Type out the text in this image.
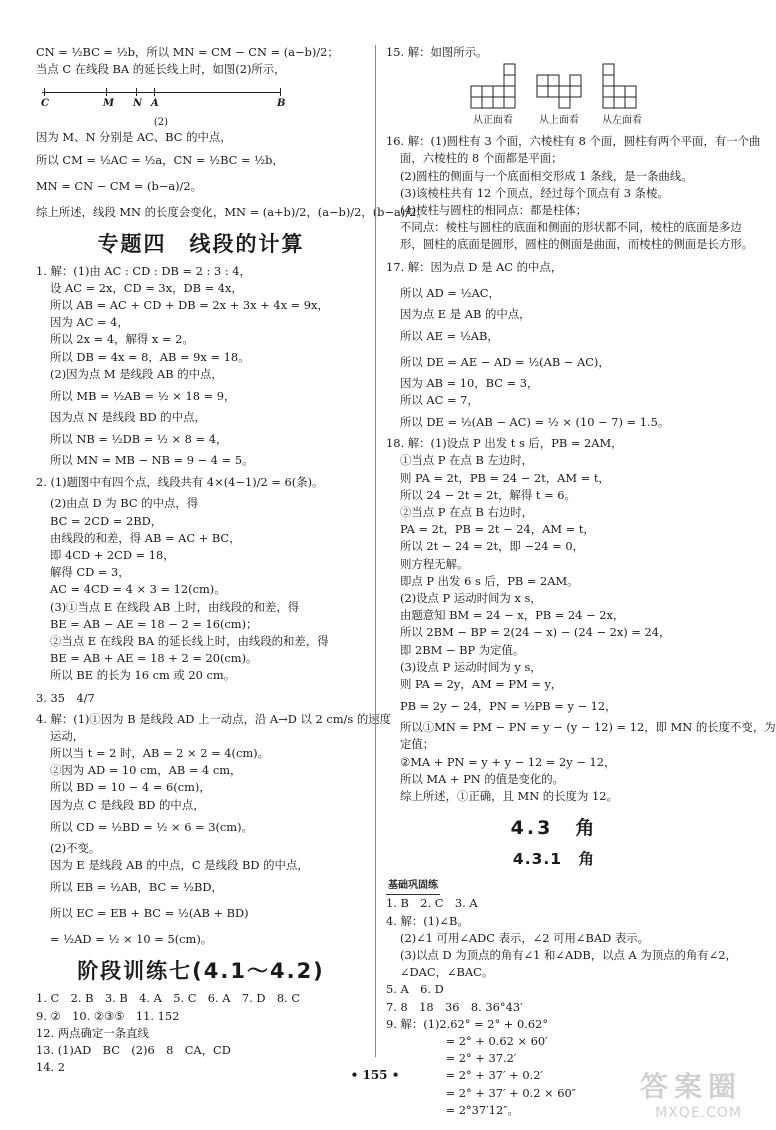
CN = ½BC = ½b，所以 MN = CM − CN = (a−b)/2；
当点 C 在线段 BA 的延长线上时，如图(2)所示，
C	M N A	B
(2)
因为 M、N 分别是 AC、BC 的中点，
所以 CM = ½AC = ½a，CN = ½BC = ½b，
MN = CN − CM = (b−a)/2。
综上所述，线段 MN 的长度会变化，MN = (a+b)/2，(a−b)/2，(b−a)/2。
专题四　线段的计算
1. 解：(1)由 AC : CD : DB = 2 : 3 : 4，
设 AC = 2x，CD = 3x，DB = 4x，
所以 AB = AC + CD + DB = 2x + 3x + 4x = 9x，
因为 AC = 4，
所以 2x = 4，解得 x = 2。
所以 DB = 4x = 8，AB = 9x = 18。
(2)因为点 M 是线段 AB 的中点，
所以 MB = ½AB = ½ × 18 = 9，
因为点 N 是线段 BD 的中点，
所以 NB = ½DB = ½ × 8 = 4，
所以 MN = MB − NB = 9 − 4 = 5。
2. (1)题图中有四个点，线段共有 4×(4−1)/2 = 6(条)。
(2)由点 D 为 BC 的中点，得
BC = 2CD = 2BD，
由线段的和差，得 AB = AC + BC，
即 4CD + 2CD = 18，
解得 CD = 3，
AC = 4CD = 4 × 3 = 12(cm)。
(3)①当点 E 在线段 AB 上时，由线段的和差，得
BE = AB − AE = 18 − 2 = 16(cm)；
②当点 E 在线段 BA 的延长线上时，由线段的和差，得
BE = AB + AE = 18 + 2 = 20(cm)。
所以 BE 的长为 16 cm 或 20 cm。
3. 35　4/7
4. 解：(1)①因为 B 是线段 AD 上一动点，沿 A→D 以 2 cm/s 的速度
运动，
所以当 t = 2 时，AB = 2 × 2 = 4(cm)。
②因为 AD = 10 cm，AB = 4 cm，
所以 BD = 10 − 4 = 6(cm)，
因为点 C 是线段 BD 的中点，
所以 CD = ½BD = ½ × 6 = 3(cm)。
(2)不变。
因为 E 是线段 AB 的中点，C 是线段 BD 的中点，
所以 EB = ½AB，BC = ½BD，
所以 EC = EB + BC = ½(AB + BD)
= ½AD = ½ × 10 = 5(cm)。
阶段训练七(4.1～4.2)
1. C　2. B　3. B　4. A　5. C　6. A　7. D　8. C
9. ②　10. ②③⑤　11. 152
12. 两点确定一条直线
13. (1)AD　BC　(2)6　8　CA，CD
14. 2
15. 解：如图所示。
从正面看	从上面看	从左面看
16. 解：(1)圆柱有 3 个面，六棱柱有 8 个面，圆柱有两个平面，有一个曲
面，六棱柱的 8 个面都是平面；
(2)圆柱的侧面与一个底面相交形成 1 条线，是一条曲线。
(3)该棱柱共有 12 个顶点，经过每个顶点有 3 条棱。
(4)棱柱与圆柱的相同点：都是柱体；
不同点：棱柱与圆柱的底面和侧面的形状都不同，棱柱的底面是多边
形，圆柱的底面是圆形，圆柱的侧面是曲面，而棱柱的侧面是长方形。
17. 解：因为点 D 是 AC 的中点，
所以 AD = ½AC，
因为点 E 是 AB 的中点，
所以 AE = ½AB，
所以 DE = AE − AD = ½(AB − AC)，
因为 AB = 10，BC = 3，
所以 AC = 7，
所以 DE = ½(AB − AC) = ½ × (10 − 7) = 1.5。
18. 解：(1)设点 P 出发 t s 后，PB = 2AM，
①当点 P 在点 B 左边时，
则 PA = 2t，PB = 24 − 2t，AM = t，
所以 24 − 2t = 2t，解得 t = 6。
②当点 P 在点 B 右边时，
PA = 2t，PB = 2t − 24，AM = t，
所以 2t − 24 = 2t，即 −24 = 0，
则方程无解。
即点 P 出发 6 s 后，PB = 2AM。
(2)设点 P 运动时间为 x s，
由题意知 BM = 24 − x，PB = 24 − 2x，
所以 2BM − BP = 2(24 − x) − (24 − 2x) = 24，
即 2BM − BP 为定值。
(3)设点 P 运动时间为 y s，
则 PA = 2y，AM = PM = y，
PB = 2y − 24，PN = ½PB = y − 12，
所以①MN = PM − PN = y − (y − 12) = 12，即 MN 的长度不变，为
定值；
②MA + PN = y + y − 12 = 2y − 12，
所以 MA + PN 的值是变化的。
综上所述，①正确，且 MN 的长度为 12。
4.3　角
4.3.1　角
基础巩固练
1. B　2. C　3. A
4. 解：(1)∠B。
(2)∠1 可用∠ADC 表示，∠2 可用∠BAD 表示。
(3)以点 D 为顶点的角有∠1 和∠ADB，以点 A 为顶点的角有∠2，
∠DAC，∠BAC。
5. A　6. D
7. 8　18　36　8. 36°43′
9. 解：(1)2.62° = 2° + 0.62°
　　　　= 2° + 0.62 × 60′
　　　　= 2° + 37.2′
　　　　= 2° + 37′ + 0.2′
　　　　= 2° + 37′ + 0.2 × 60″
　　　　= 2°37′12″。
• 155 •	答案圈
MXQE.COM
